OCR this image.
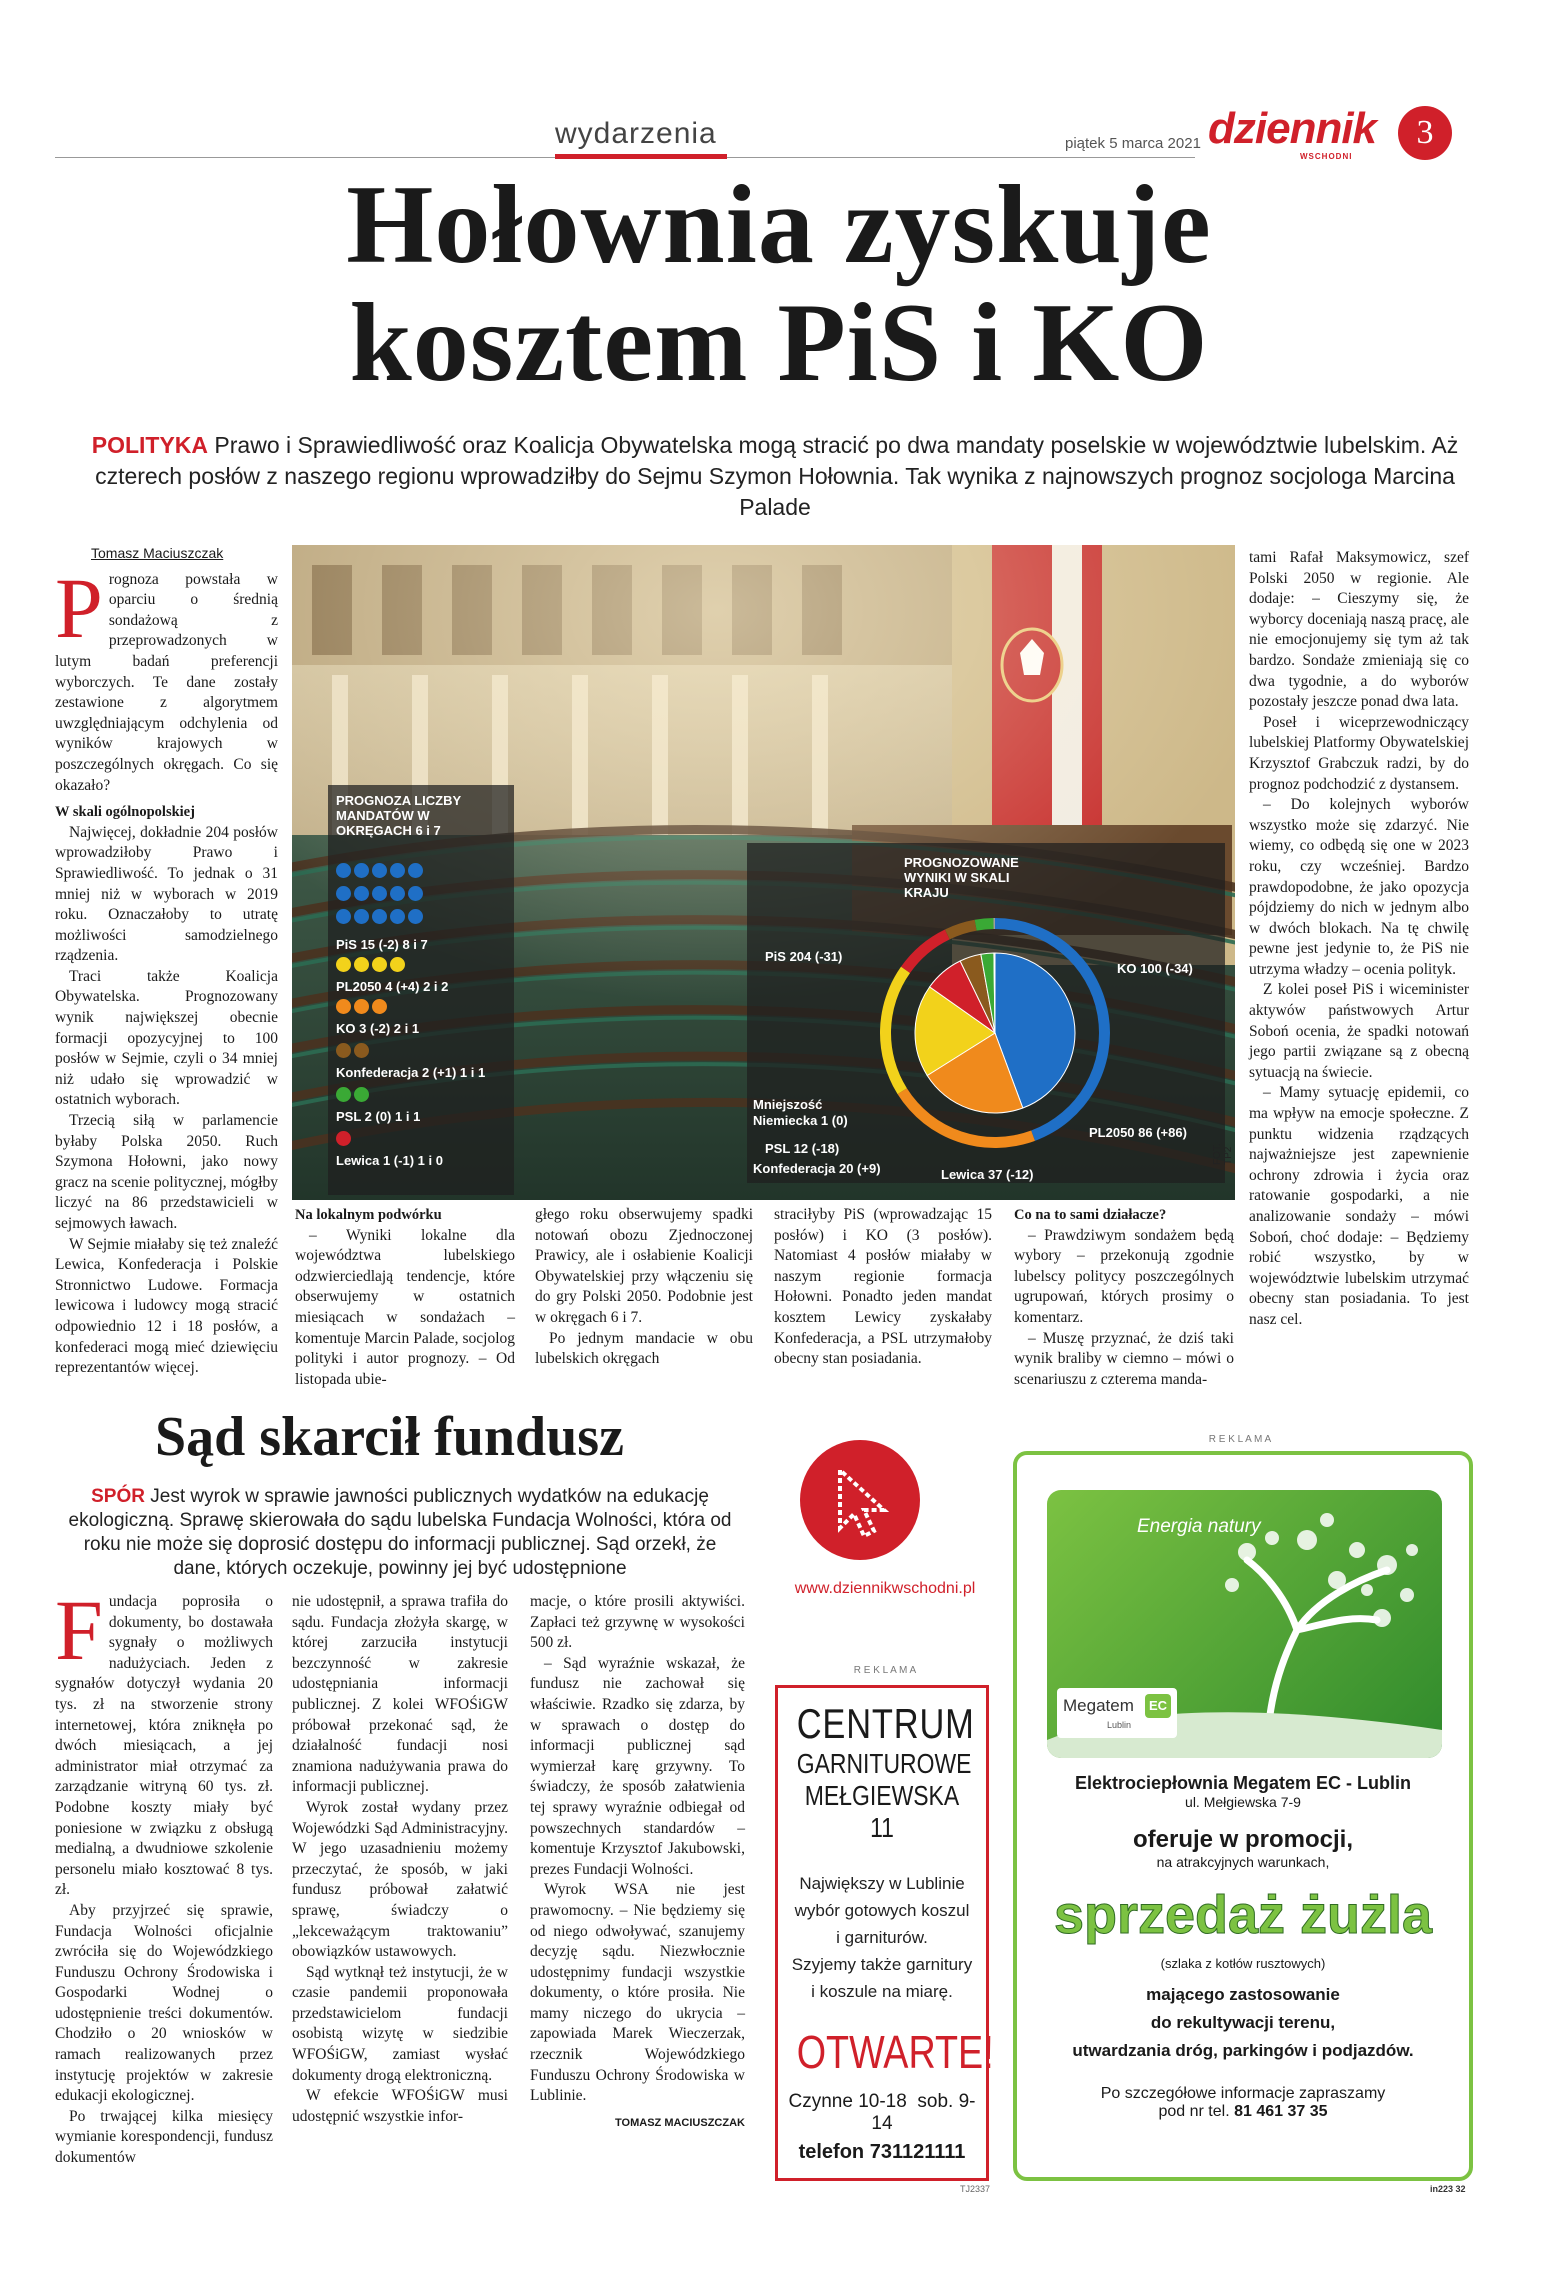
wydarzenia	piątek 5 marca 2021 dziennik
WSCHODNI
3
Hołownia zyskuje
kosztem PiS i KO
POLITYKA Prawo i Sprawiedliwość oraz Koalicja Obywatelska mogą stracić po dwa mandaty poselskie w województwie lubelskim. Aż czterech posłów z naszego regionu wprowadziłby do Sejmu Szymon Hołownia. Tak wynika z najnowszych prognoz socjologa Marcina Palade
Tomasz Maciuszczak

Prognoza powstała w oparciu o średnią sondażową z przeprowadzonych w lutym badań preferencji wyborczych. Te dane zostały zestawione z algorytmem uwzględniającym odchylenia od wyników krajowych w poszczególnych okręgach. Co się okazało?

W skali ogólnopolskiej

Najwięcej, dokładnie 204 posłów wprowadziłoby Prawo i Sprawiedliwość. To jednak o 31 mniej niż w wyborach w 2019 roku. Oznaczałoby to utratę możliwości samodzielnego rządzenia.

Traci także Koalicja Obywatelska. Prognozowany wynik największej obecnie formacji opozycyjnej to 100 posłów w Sejmie, czyli o 34 mniej niż udało się wprowadzić w ostatnich wyborach.

Trzecią siłą w parlamencie byłaby Polska 2050. Ruch Szymona Hołowni, jako nowy gracz na scenie politycznej, mógłby liczyć na 86 przedstawicieli w sejmowych ławach.

W Sejmie miałaby się też znaleźć Lewica, Konfederacja i Polskie Stronnictwo Ludowe. Formacja lewicowa i ludowcy mogą stracić odpowiednio 12 i 18 posłów, a konfederaci mogą mieć dziewięciu reprezentantów więcej.

PROGNOZA LICZBY MANDATÓW W OKRĘGACH 6 i 7
PiS 15 (-2) 8 i 7
PL2050 4 (+4) 2 i 2
KO 3 (-2) 2 i 1
Konfederacja 2 (+1) 1 i 1
PSL 2 (0) 1 i 1
Lewica 1 (-1) 1 i 0
PROGNOZOWANE WYNIKI W SKALI KRAJU
PiS 204 (-31)
KO 100 (-34)
PL2050 86 (+86)
Lewica 37 (-12)
Konfederacja 20 (+9)
PSL 12 (-18)
Mniejszość Niemiecka 1 (0)
FOT. TP2

Na lokalnym podwórku

– Wyniki lokalne dla województwa lubelskiego odzwierciedlają tendencje, które obserwujemy w ostatnich miesiącach w sondażach – komentuje Marcin Palade, socjolog polityki i autor prognozy. – Od listopada ubie-

głego roku obserwujemy spadki notowań obozu Zjednoczonej Prawicy, ale i osłabienie Koalicji Obywatelskiej przy włączeniu się do gry Polski 2050. Podobnie jest w okręgach 6 i 7.

Po jednym mandacie w obu lubelskich okręgach

straciłyby PiS (wprowadzając 15 posłów) i KO (3 posłów). Natomiast 4 posłów miałaby w naszym regionie formacja Hołowni. Ponadto jeden mandat kosztem Lewicy zyskałaby Konfederacja, a PSL utrzymałoby obecny stan posiadania.

Co na to sami działacze?

– Prawdziwym sondażem będą wybory – przekonują zgodnie lubelscy politycy poszczególnych ugrupowań, których prosimy o komentarz.

– Muszę przyznać, że dziś taki wynik braliby w ciemno – mówi o scenariuszu z czterema manda-

tami Rafał Maksymowicz, szef Polski 2050 w regionie. Ale dodaje: – Cieszymy się, że wyborcy doceniają naszą pracę, ale nie emocjonujemy się tym aż tak bardzo. Sondaże zmieniają się co dwa tygodnie, a do wyborów pozostały jeszcze ponad dwa lata.

Poseł i wiceprzewodniczący lubelskiej Platformy Obywatelskiej Krzysztof Grabczuk radzi, by do prognoz podchodzić z dystansem.

– Do kolejnych wyborów wszystko może się zdarzyć. Nie wiemy, co odbędą się one w 2023 roku, czy wcześniej. Bardzo prawdopodobne, że jako opozycja pójdziemy do nich w jednym albo w dwóch blokach. Na tę chwilę pewne jest jedynie to, że PiS nie utrzyma władzy – ocenia polityk.

Z kolei poseł PiS i wiceminister aktywów państwowych Artur Soboń ocenia, że spadki notowań jego partii związane są z obecną sytuacją na świecie.

– Mamy sytuację epidemii, co ma wpływ na emocje społeczne. Z punktu widzenia rządzących najważniejsze jest zapewnienie ochrony zdrowia i życia oraz ratowanie gospodarki, a nie analizowanie sondaży – mówi Soboń, choć dodaje: – Będziemy robić wszystko, by w województwie lubelskim utrzymać obecny stan posiadania. To jest nasz cel.

Sąd skarcił fundusz
SPÓR Jest wyrok w sprawie jawności publicznych wydatków na edukację ekologiczną. Sprawę skierowała do sądu lubelska Fundacja Wolności, która od roku nie może się doprosić dostępu do informacji publicznej. Sąd orzekł, że dane, których oczekuje, powinny jej być udostępnione

Fundacja poprosiła o dokumenty, bo dostawała sygnały o możliwych nadużyciach. Jeden z sygnałów dotyczył wydania 20 tys. zł na stworzenie strony internetowej, która zniknęła po dwóch miesiącach, a jej administrator miał otrzymać za zarządzanie witryną 60 tys. zł. Podobne koszty miały być poniesione w związku z obsługą medialną, a dwudniowe szkolenie personelu miało kosztować 8 tys. zł.

Aby przyjrzeć się sprawie, Fundacja Wolności oficjalnie zwróciła się do Wojewódzkiego Funduszu Ochrony Środowiska i Gospodarki Wodnej o udostępnienie treści dokumentów. Chodziło o 20 wniosków w ramach realizowanych przez instytucję projektów w zakresie edukacji ekologicznej.

Po trwającej kilka miesięcy wymianie korespondencji, fundusz dokumentów

nie udostępnił, a sprawa trafiła do sądu. Fundacja złożyła skargę, w której zarzuciła instytucji bezczynność w zakresie udostępniania informacji publicznej. Z kolei WFOŚiGW próbował przekonać sąd, że działalność fundacji nosi znamiona nadużywania prawa do informacji publicznej.

Wyrok został wydany przez Wojewódzki Sąd Administracyjny. W jego uzasadnieniu możemy przeczytać, że sposób, w jaki fundusz próbował załatwić sprawę, świadczy o „lekceważącym traktowaniu” obowiązków ustawowych.

Sąd wytknął też instytucji, że w czasie pandemii proponowała przedstawicielom fundacji osobistą wizytę w siedzibie WFOŚiGW, zamiast wysłać dokumenty drogą elektroniczną.

W efekcie WFOŚiGW musi udostępnić wszystkie infor-

macje, o które prosili aktywiści. Zapłaci też grzywnę w wysokości 500 zł.

– Sąd wyraźnie wskazał, że fundusz nie zachował się właściwie. Rzadko się zdarza, by w sprawach o dostęp do informacji publicznej sąd wymierzał karę grzywny. To świadczy, że sposób załatwienia tej sprawy wyraźnie odbiegał od powszechnych standardów – komentuje Krzysztof Jakubowski, prezes Fundacji Wolności.

Wyrok WSA nie jest prawomocny. – Nie będziemy się od niego odwoływać, szanujemy decyzję sądu. Niezwłocznie udostępnimy fundacji wszystkie dokumenty, o które prosiła. Nie mamy niczego do ukrycia – zapowiada Marek Wieczerzak, rzecznik Wojewódzkiego Funduszu Ochrony Środowiska w Lublinie.

TOMASZ MACIUSZCZAK
www.dziennikwschodni.pl
R E K L A M A
CENTRUM
GARNITUROWE
MEŁGIEWSKA 11
Największy w Lublinie
wybór gotowych koszul
i garniturów.
Szyjemy także garnitury
i koszule na miarę.
OTWARTE!
Czynne 10-18 sob. 9-14
telefon 731121111
TJ2337
R E K L A M A
Energia natury
Megatem	EC
Lublin
Elektrociepłownia Megatem EC - Lublin
ul. Mełgiewska 7-9
oferuje w promocji,
na atrakcyjnych warunkach,
sprzedaż żużla
(szlaka z kotłów rusztowych)
mającego zastosowanie
do rekultywacji terenu,
utwardzania dróg, parkingów i podjazdów.
Po szczegółowe informacje zapraszamy
pod nr tel. 81 461 37 35
in223 32
